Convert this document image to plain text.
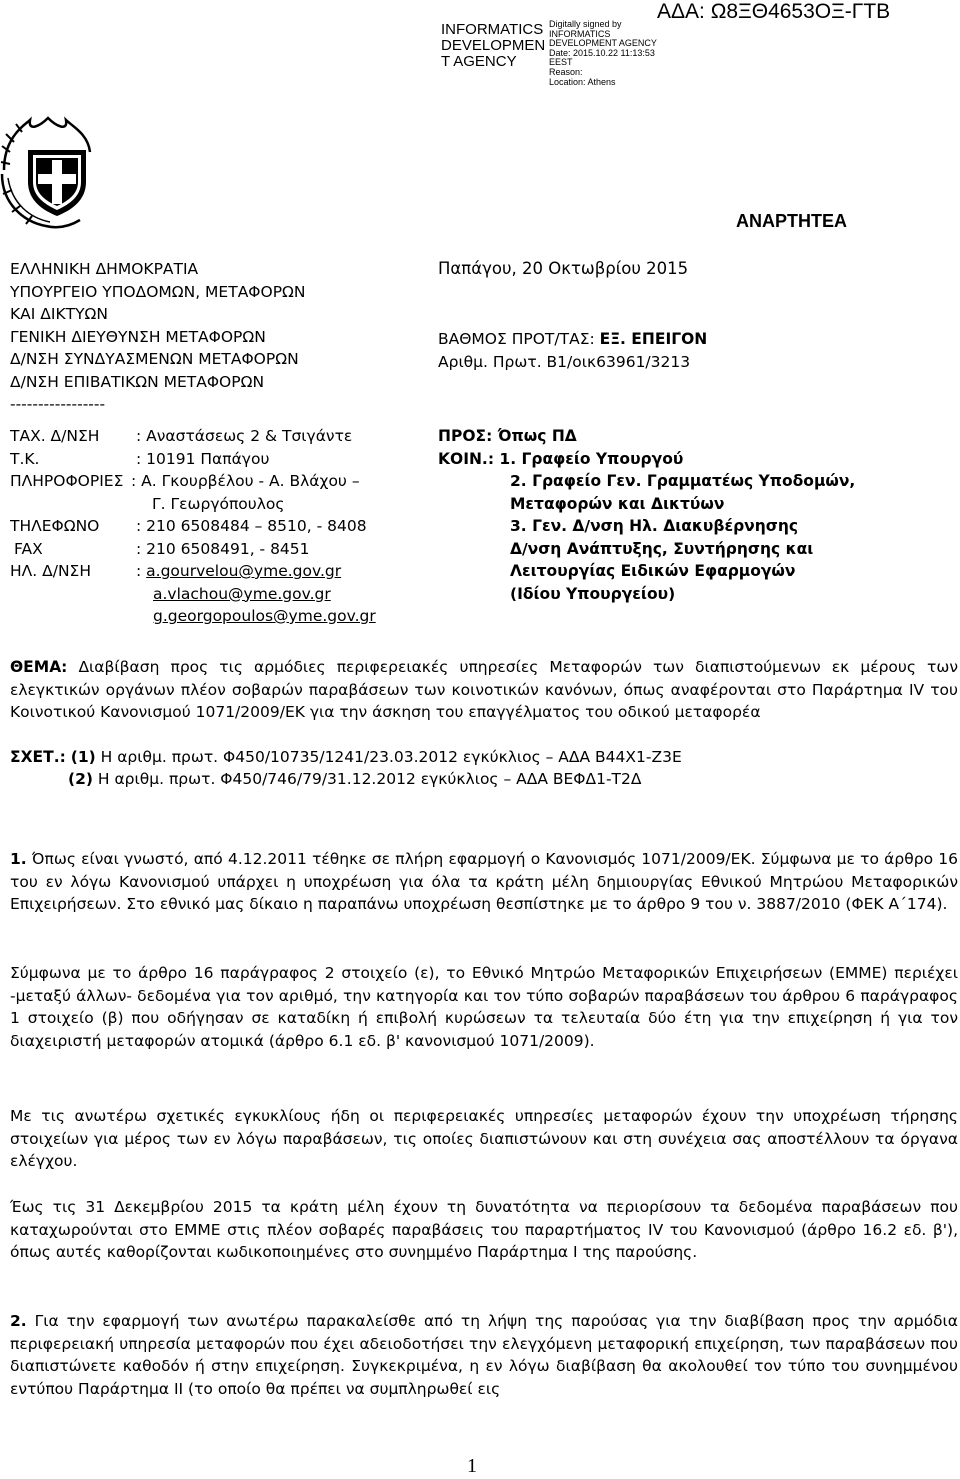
INFORMATICS
DEVELOPMEN
T AGENCY
Digitally signed by
INFORMATICS
DEVELOPMENT AGENCY
Date: 2015.10.22 11:13:53
EEST
Reason:
Location: Athens
ΑΔΑ: Ω8ΞΘ4653ΟΞ-ΓΤΒ
ΑΝΑΡΤΗΤΕΑ
ΕΛΛΗΝΙΚΗ ΔΗΜΟΚΡΑΤΙΑ
ΥΠΟΥΡΓΕΙΟ ΥΠΟΔΟΜΩΝ, ΜΕΤΑΦΟΡΩΝ
ΚΑΙ ΔΙΚΤΥΩΝ
ΓΕΝΙΚΗ ΔΙΕΥΘΥΝΣΗ ΜΕΤΑΦΟΡΩΝ
Δ/ΝΣΗ ΣΥΝΔΥΑΣΜΕΝΩΝ ΜΕΤΑΦΟΡΩΝ
Δ/ΝΣΗ ΕΠΙΒΑΤΙΚΩΝ ΜΕΤΑΦΟΡΩΝ
-----------------
ΤΑΧ. Δ/ΝΣΗ : Αναστάσεως 2 & Τσιγάντε
Τ.Κ.	: 10191 Παπάγου
ΠΛΗΡΟΦΟΡΙΕΣ : Α. Γκουρβέλου - Α. Βλάχου –
Γ. Γεωργόπουλος
ΤΗΛΕΦΩΝΟ : 210 6508484 – 8510, - 8408
FAX	: 210 6508491, - 8451
ΗΛ. Δ/ΝΣΗ	: a.gourvelou@yme.gov.gr
a.vlachou@yme.gov.gr
g.georgopoulos@yme.gov.gr
Παπάγου, 20 Οκτωβρίου 2015
ΒΑΘΜΟΣ ΠΡΟΤ/ΤΑΣ: ΕΞ. ΕΠΕΙΓΟΝ
Αριθμ. Πρωτ. Β1/οικ63961/3213
ΠΡΟΣ: Όπως ΠΔ
ΚΟΙΝ.: 1. Γραφείο Υπουργού
2. Γραφείο Γεν. Γραμματέως Υποδομών,
Μεταφορών και Δικτύων
3. Γεν. Δ/νση Ηλ. Διακυβέρνησης
Δ/νση Ανάπτυξης, Συντήρησης και
Λειτουργίας Ειδικών Εφαρμογών
(Ιδίου Υπουργείου)

ΘΕΜΑ: Διαβίβαση προς τις αρμόδιες περιφερειακές υπηρεσίες Μεταφορών των διαπιστούμενων εκ μέρους των ελεγκτικών οργάνων πλέον σοβαρών παραβάσεων των κοινοτικών κανόνων, όπως αναφέρονται στο Παράρτημα IV του Κοινοτικού Κανονισμού 1071/2009/ΕΚ για την άσκηση του επαγγέλματος του οδικού μεταφορέα

ΣΧΕΤ.: (1) Η αριθμ. πρωτ. Φ450/10735/1241/23.03.2012 εγκύκλιος – ΑΔΑ Β44Χ1-Ζ3Ε
(2) Η αριθμ. πρωτ. Φ450/746/79/31.12.2012 εγκύκλιος – ΑΔΑ ΒΕΦΔ1-Τ2Δ

1. Όπως είναι γνωστό, από 4.12.2011 τέθηκε σε πλήρη εφαρμογή ο Κανονισμός 1071/2009/ΕΚ. Σύμφωνα με το άρθρο 16 του εν λόγω Κανονισμού υπάρχει η υποχρέωση για όλα τα κράτη μέλη δημιουργίας Εθνικού Μητρώου Μεταφορικών Επιχειρήσεων. Στο εθνικό μας δίκαιο η παραπάνω υποχρέωση θεσπίστηκε με το άρθρο 9 του ν. 3887/2010 (ΦΕΚ Α΄174).

Σύμφωνα με το άρθρο 16 παράγραφος 2 στοιχείο (ε), το Εθνικό Μητρώο Μεταφορικών Επιχειρήσεων (ΕΜΜΕ) περιέχει -μεταξύ άλλων- δεδομένα για τον αριθμό, την κατηγορία και τον τύπο σοβαρών παραβάσεων του άρθρου 6 παράγραφος 1 στοιχείο (β) που οδήγησαν σε καταδίκη ή επιβολή κυρώσεων τα τελευταία δύο έτη για την επιχείρηση ή για τον διαχειριστή μεταφορών ατομικά (άρθρο 6.1 εδ. β' κανονισμού 1071/2009).

Με τις ανωτέρω σχετικές εγκυκλίους ήδη οι περιφερειακές υπηρεσίες μεταφορών έχουν την υποχρέωση τήρησης στοιχείων για μέρος των εν λόγω παραβάσεων, τις οποίες διαπιστώνουν και στη συνέχεια σας αποστέλλουν τα όργανα ελέγχου.

Έως τις 31 Δεκεμβρίου 2015 τα κράτη μέλη έχουν τη δυνατότητα να περιορίσουν τα δεδομένα παραβάσεων που καταχωρούνται στο ΕΜΜΕ στις πλέον σοβαρές παραβάσεις του παραρτήματος IV του Κανονισμού (άρθρο 16.2 εδ. β'), όπως αυτές καθορίζονται κωδικοποιημένες στο συνημμένο Παράρτημα Ι της παρούσης.

2. Για την εφαρμογή των ανωτέρω παρακαλείσθε από τη λήψη της παρούσας για την διαβίβαση προς την αρμόδια περιφερειακή υπηρεσία μεταφορών που έχει αδειοδοτήσει την ελεγχόμενη μεταφορική επιχείρηση, των παραβάσεων που διαπιστώνετε καθοδόν ή στην επιχείρηση. Συγκεκριμένα, η εν λόγω διαβίβαση θα ακολουθεί τον τύπο του συνημμένου εντύπου Παράρτημα ΙΙ (το οποίο θα πρέπει να συμπληρωθεί εις

1
